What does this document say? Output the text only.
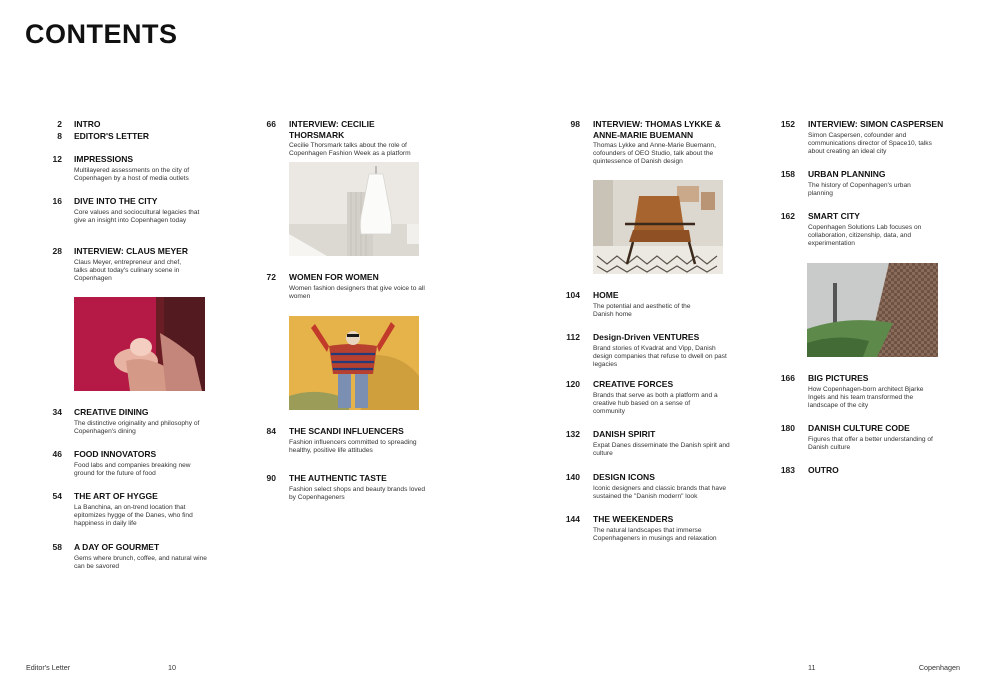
CONTENTS
2 INTRO
8 EDITOR'S LETTER
12 IMPRESSIONS
Multilayered assessments on the city of Copenhagen by a host of media outlets
16 DIVE INTO THE CITY
Core values and sociocultural legacies that give an insight into Copenhagen today
28 INTERVIEW: CLAUS MEYER
Claus Meyer, entrepreneur and chef, talks about today's culinary scene in Copenhagen
34 CREATIVE DINING
The distinctive originality and philosophy of Copenhagen's dining
46 FOOD INNOVATORS
Food labs and companies breaking new ground for the future of food
54 THE ART OF HYGGE
La Banchina, an on-trend location that epitomizes hygge of the Danes, who find happiness in daily life
58 A DAY OF GOURMET
Gems where brunch, coffee, and natural wine can be savored
66 INTERVIEW: CECILIE THORSMARK
Cecilie Thorsmark talks about the role of Copenhagen Fashion Week as a platform
72 WOMEN FOR WOMEN
Women fashion designers that give voice to all women
84 THE SCANDI INFLUENCERS
Fashion influencers committed to spreading healthy, positive life attitudes
90 THE AUTHENTIC TASTE
Fashion select shops and beauty brands loved by Copenhageners
98 INTERVIEW: THOMAS LYKKE & ANNE-MARIE BUEMANN
Thomas Lykke and Anne-Marie Buemann, cofounders of OEO Studio, talk about the quintessence of Danish design
104 HOME
The potential and aesthetic of the Danish home
112 Design-Driven VENTURES
Brand stories of Kvadrat and Vipp, Danish design companies that refuse to dwell on past legacies
120 CREATIVE FORCES
Brands that serve as both a platform and a creative hub based on a sense of community
132 DANISH SPIRIT
Expat Danes disseminate the Danish spirit and culture
140 DESIGN ICONS
Iconic designers and classic brands that have sustained the "Danish modern" look
144 THE WEEKENDERS
The natural landscapes that immerse Copenhageners in musings and relaxation
152 INTERVIEW: SIMON CASPERSEN
Simon Caspersen, cofounder and communications director of Space10, talks about creating an ideal city
158 URBAN PLANNING
The history of Copenhagen's urban planning
162 SMART CITY
Copenhagen Solutions Lab focuses on collaboration, citizenship, data, and experimentation
166 BIG PICTURES
How Copenhagen-born architect Bjarke Ingels and his team transformed the landscape of the city
180 DANISH CULTURE CODE
Figures that offer a better understanding of Danish culture
183 OUTRO
Editor's Letter	10	11	Copenhagen
